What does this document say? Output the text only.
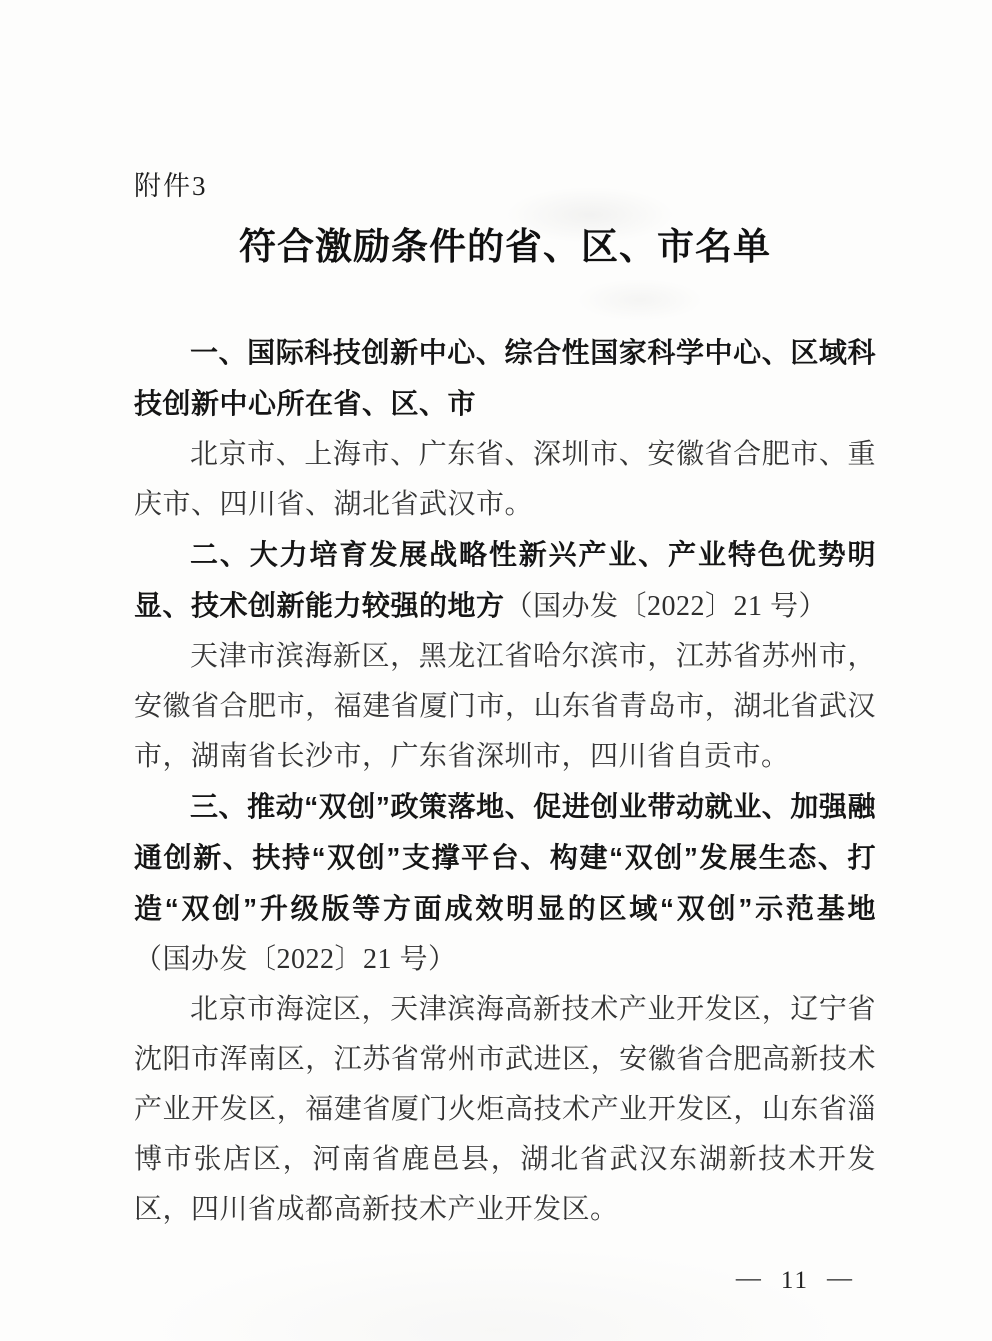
附件3
符合激励条件的省、区、市名单

一、国际科技创新中心、综合性国家科学中心、区域科技创新中心所在省、区、市

北京市、上海市、广东省、深圳市、安徽省合肥市、重庆市、四川省、湖北省武汉市。

二、大力培育发展战略性新兴产业、产业特色优势明显、技术创新能力较强的地方（国办发〔2022〕21 号）

天津市滨海新区，黑龙江省哈尔滨市，江苏省苏州市，安徽省合肥市，福建省厦门市，山东省青岛市，湖北省武汉市，湖南省长沙市，广东省深圳市，四川省自贡市。

三、推动“双创”政策落地、促进创业带动就业、加强融通创新、扶持“双创”支撑平台、构建“双创”发展生态、打造“双创”升级版等方面成效明显的区域“双创”示范基地（国办发〔2022〕21 号）

北京市海淀区，天津滨海高新技术产业开发区，辽宁省沈阳市浑南区，江苏省常州市武进区，安徽省合肥高新技术产业开发区，福建省厦门火炬高技术产业开发区，山东省淄博市张店区，河南省鹿邑县，湖北省武汉东湖新技术开发区，四川省成都高新技术产业开发区。

— 11 —
